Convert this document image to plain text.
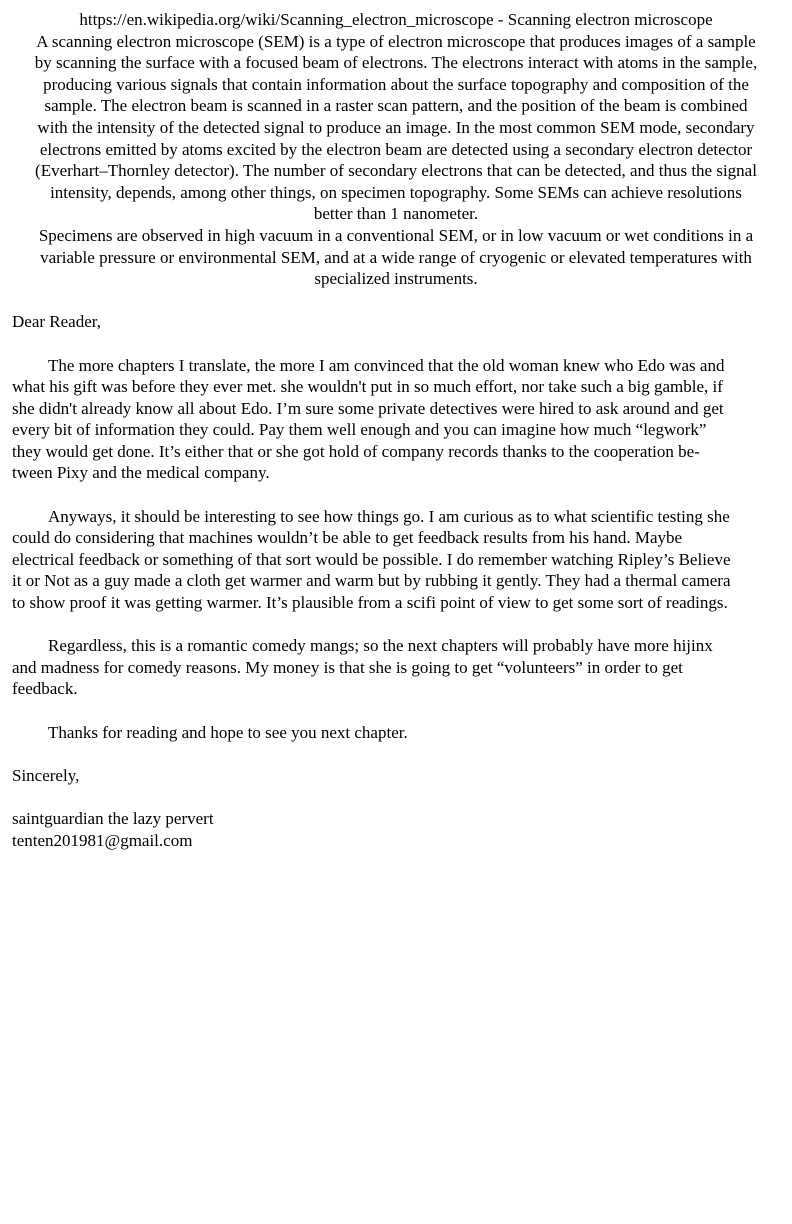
https://en.wikipedia.org/wiki/Scanning_electron_microscope - Scanning electron microscope
A scanning electron microscope (SEM) is a type of electron microscope that produces images of a sample
by scanning the surface with a focused beam of electrons. The electrons interact with atoms in the sample,
producing various signals that contain information about the surface topography and composition of the
sample. The electron beam is scanned in a raster scan pattern, and the position of the beam is combined
with the intensity of the detected signal to produce an image. In the most common SEM mode, secondary
electrons emitted by atoms excited by the electron beam are detected using a secondary electron detector
(Everhart–Thornley detector). The number of secondary electrons that can be detected, and thus the signal
intensity, depends, among other things, on specimen topography. Some SEMs can achieve resolutions
better than 1 nanometer.
Specimens are observed in high vacuum in a conventional SEM, or in low vacuum or wet conditions in a
variable pressure or environmental SEM, and at a wide range of cryogenic or elevated temperatures with
specialized instruments.
Dear Reader,
The more chapters I translate, the more I am convinced that the old woman knew who Edo was and
what his gift was before they ever met. she wouldn't put in so much effort, nor take such a big gamble, if
she didn't already know all about Edo. I’m sure some private detectives were hired to ask around and get
every bit of information they could. Pay them well enough and you can imagine how much “legwork”
they would get done. It’s either that or she got hold of company records thanks to the cooperation be-
tween Pixy and the medical company.
Anyways, it should be interesting to see how things go. I am curious as to what scientific testing she
could do considering that machines wouldn’t be able to get feedback results from his hand. Maybe
electrical feedback or something of that sort would be possible. I do remember watching Ripley’s Believe
it or Not as a guy made a cloth get warmer and warm but by rubbing it gently. They had a thermal camera
to show proof it was getting warmer. It’s plausible from a scifi point of view to get some sort of readings.
Regardless, this is a romantic comedy mangs; so the next chapters will probably have more hijinx
and madness for comedy reasons. My money is that she is going to get “volunteers” in order to get
feedback.
Thanks for reading and hope to see you next chapter.
Sincerely,
saintguardian the lazy pervert
tenten201981@gmail.com
